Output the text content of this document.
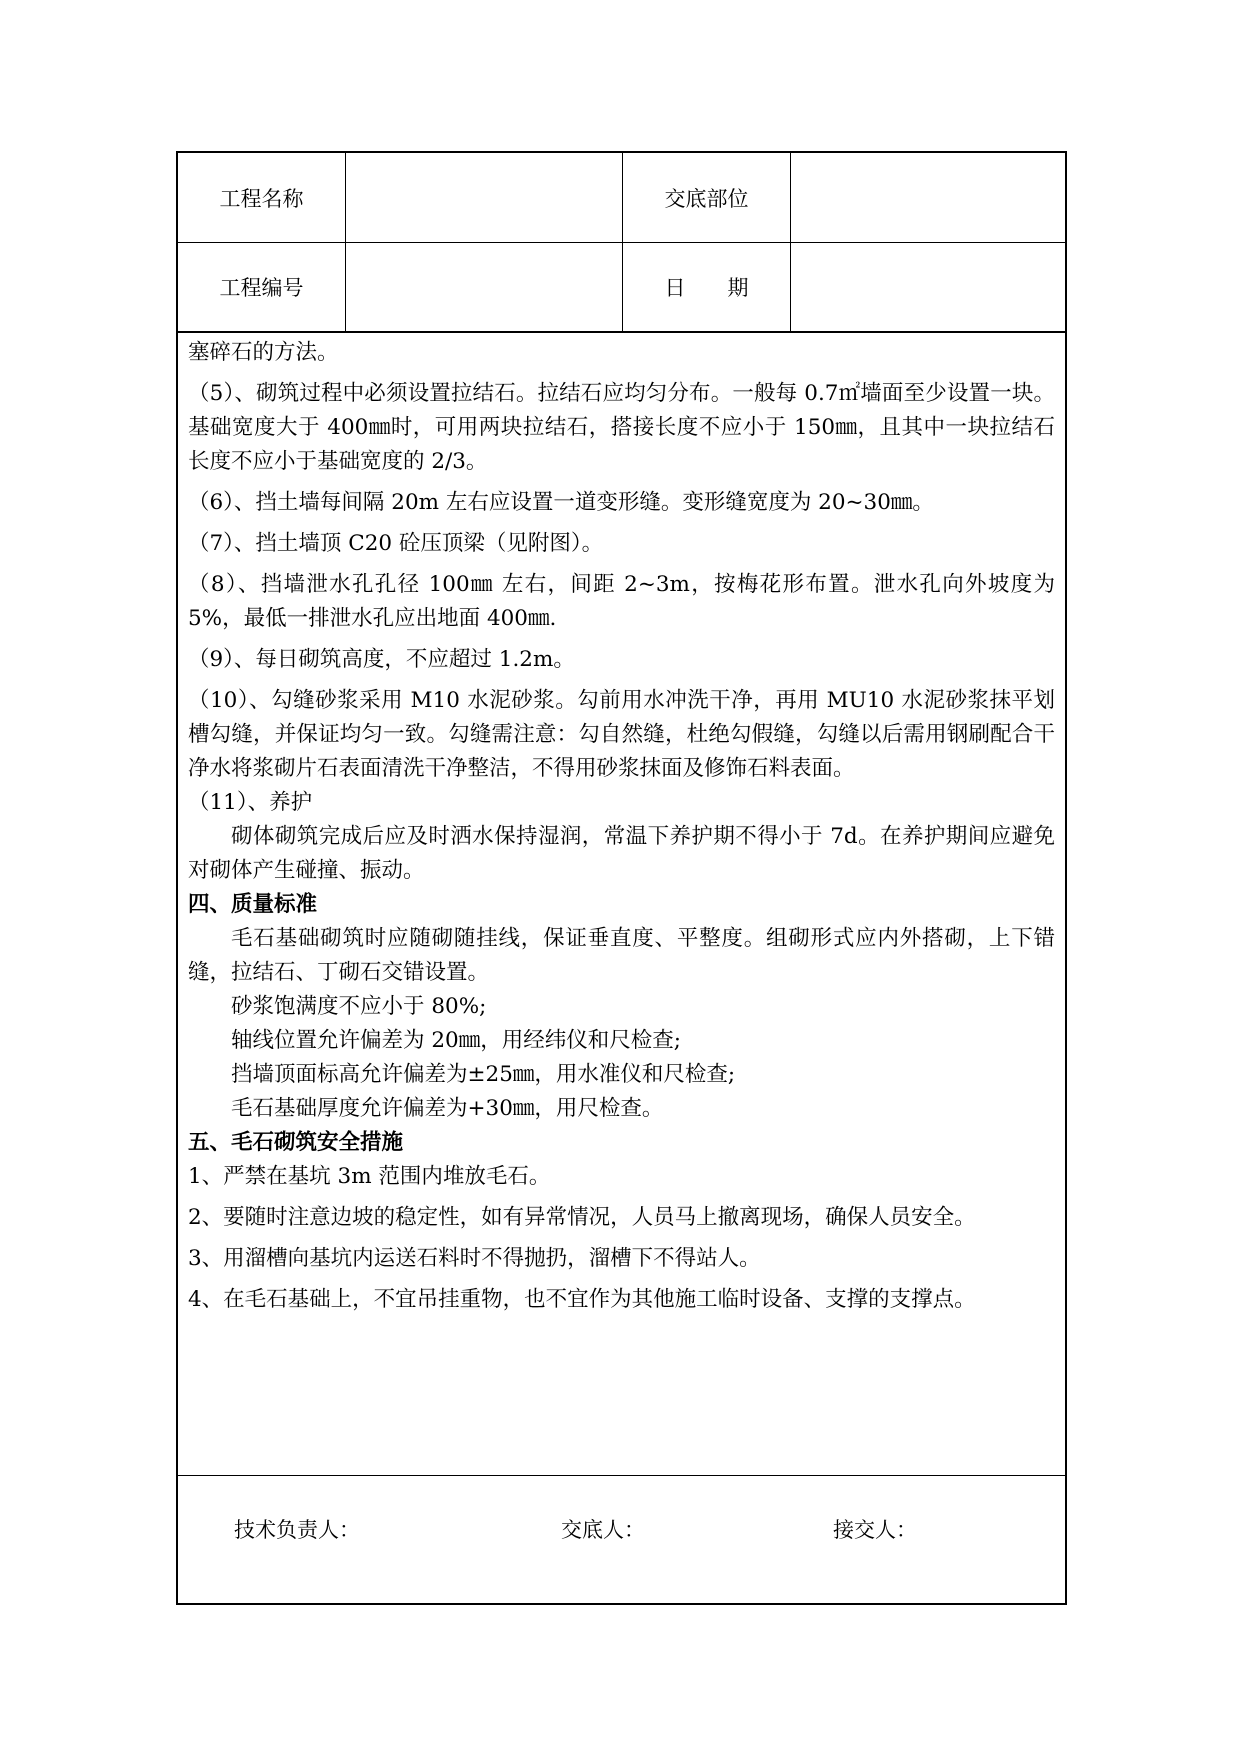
工程名称		交底部位	
工程编号		日　　期	

塞碎石的方法。

（5）、砌筑过程中必须设置拉结石。拉结石应均匀分布。一般每 0.7㎡墙面至少设置一块。基础宽度大于 400㎜时，可用两块拉结石，搭接长度不应小于 150㎜，且其中一块拉结石长度不应小于基础宽度的 2/3。

（6）、挡土墙每间隔 20m 左右应设置一道变形缝。变形缝宽度为 20~30㎜。

（7）、挡土墙顶 C20 砼压顶梁（见附图）。

（8）、挡墙泄水孔孔径 100㎜ 左右，间距 2~3m，按梅花形布置。泄水孔向外坡度为 5%，最低一排泄水孔应出地面 400㎜.

（9）、每日砌筑高度，不应超过 1.2m。

（10）、勾缝砂浆采用 M10 水泥砂浆。勾前用水冲洗干净，再用 MU10 水泥砂浆抹平划槽勾缝，并保证均匀一致。勾缝需注意：勾自然缝，杜绝勾假缝，勾缝以后需用钢刷配合干净水将浆砌片石表面清洗干净整洁，不得用砂浆抹面及修饰石料表面。

（11）、养护

砌体砌筑完成后应及时洒水保持湿润，常温下养护期不得小于 7d。在养护期间应避免对砌体产生碰撞、振动。

四、质量标准

毛石基础砌筑时应随砌随挂线，保证垂直度、平整度。组砌形式应内外搭砌，上下错缝，拉结石、丁砌石交错设置。

砂浆饱满度不应小于 80%;

轴线位置允许偏差为 20㎜，用经纬仪和尺检查;

挡墙顶面标高允许偏差为±25㎜，用水准仪和尺检查;

毛石基础厚度允许偏差为+30㎜，用尺检查。

五、毛石砌筑安全措施

1、严禁在基坑 3m 范围内堆放毛石。

2、要随时注意边坡的稳定性，如有异常情况，人员马上撤离现场，确保人员安全。

3、用溜槽向基坑内运送石料时不得抛扔，溜槽下不得站人。

4、在毛石基础上，不宜吊挂重物，也不宜作为其他施工临时设备、支撑的支撑点。

技术负责人：	交底人：	接交人：
